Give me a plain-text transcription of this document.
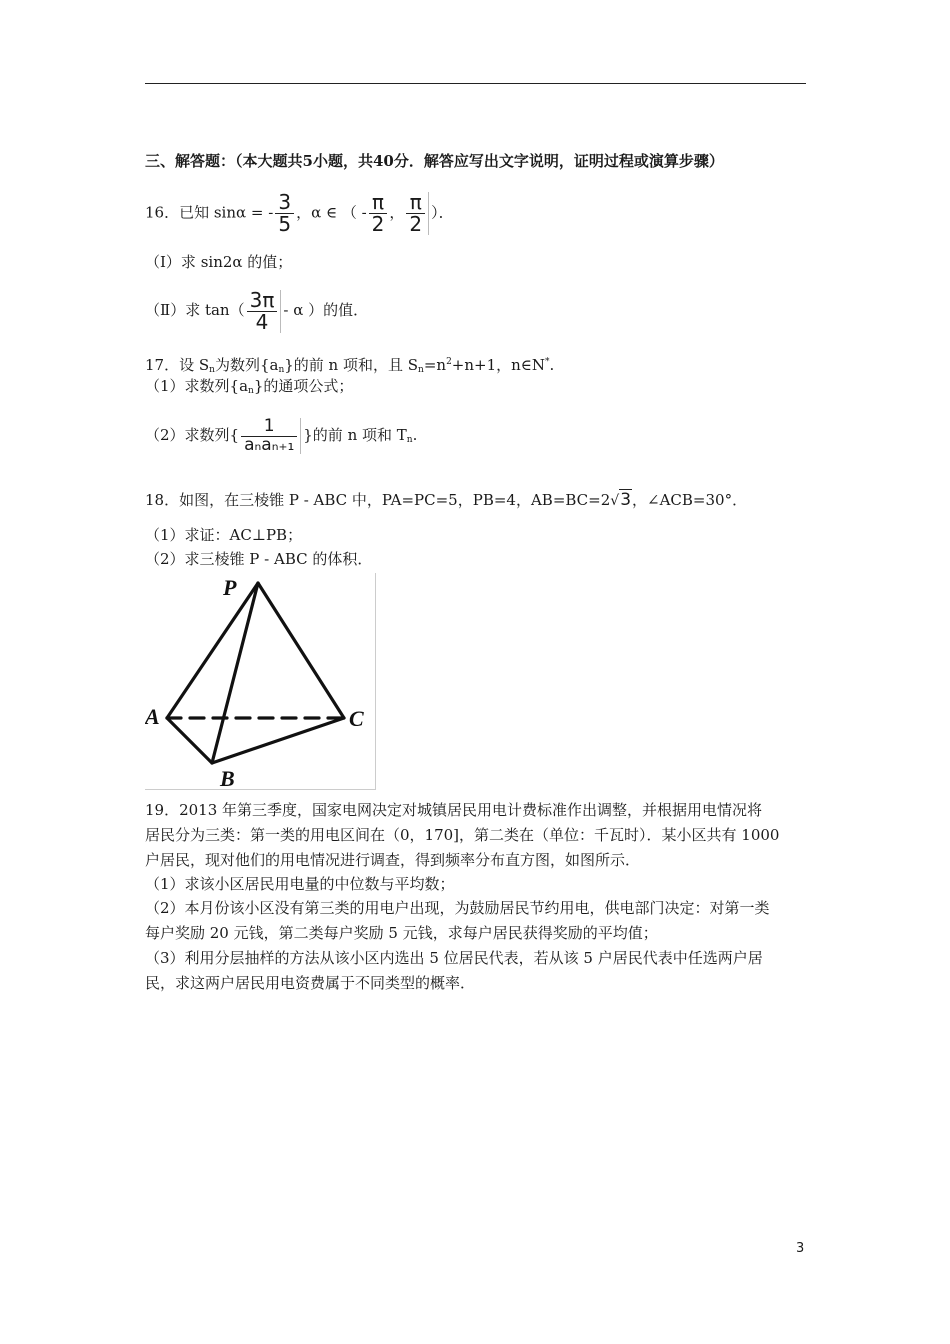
三、解答题：（本大题共5小题，共40分．解答应写出文字说明，证明过程或演算步骤）
16．已知 sinα = - $\frac{3}{5}$ ，α ∈ （ - $\frac{\pi}{2}$ ， $\frac{\pi}{2}$ ）．
（Ⅰ）求 sin2α 的值；
（Ⅱ）求 $\tan( \frac{3\pi}{4}$ - α ）的值．
17．设 $S_n$为数列$\{a_n\}$的前 n 项和，且 $S_n=n^2+n+1$，n∈N*.
（1）求数列$\{a_n\}$的通项公式；
（2）求数列{ $\frac{1}{\text{aₙaₙ₊₁}}$ }的前 n 项和 $T_n$.
18．如图，在三棱锥 P - ABC 中，PA=PC=5，PB=4，AB=BC=2√3，∠ACB=30°．
（1）求证：AC⊥PB；
（2）求三棱锥 P - ABC 的体积．
P
A	C
B
19．2013 年第三季度，国家电网决定对城镇居民用电计费标准作出调整，并根据用电情况将
居民分为三类：第一类的用电区间在（0，170]，第二类在（单位：千瓦时）．某小区共有 1000
户居民，现对他们的用电情况进行调查，得到频率分布直方图，如图所示．
（1）求该小区居民用电量的中位数与平均数；
（2）本月份该小区没有第三类的用电户出现，为鼓励居民节约用电，供电部门决定：对第一类
每户奖励 20 元钱，第二类每户奖励 5 元钱，求每户居民获得奖励的平均值；
（3）利用分层抽样的方法从该小区内选出 5 位居民代表，若从该 5 户居民代表中任选两户居
民，求这两户居民用电资费属于不同类型的概率．
3
